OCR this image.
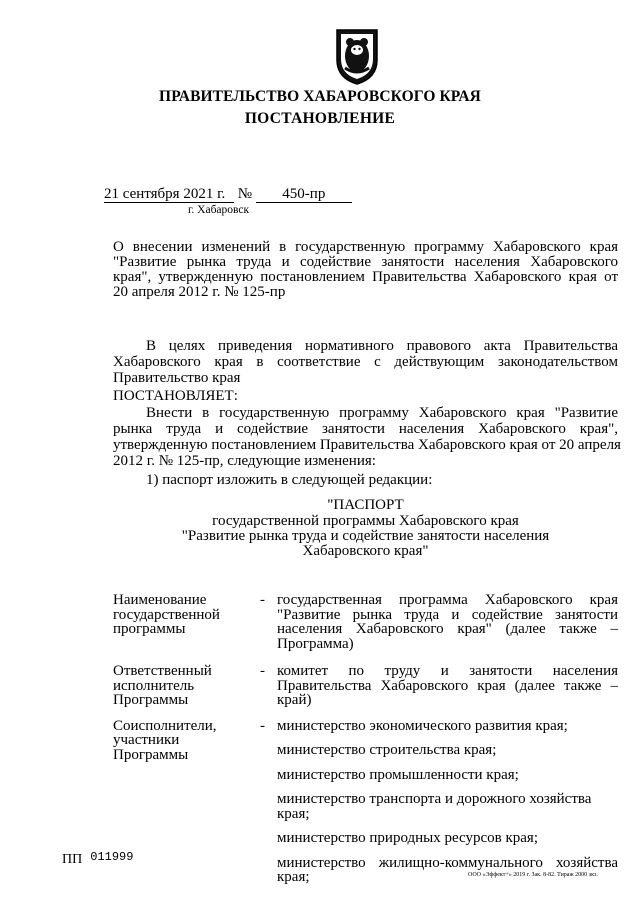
ПРАВИТЕЛЬСТВО ХАБАРОВСКОГО КРАЯ
ПОСТАНОВЛЕНИЕ
21 сентября 2021 г. № 450-пр
г. Хабаровск
О внесении изменений в государственную программу Хабаровского края
"Развитие рынка труда и содействие занятости населения Хабаровского
края", утвержденную постановлением Правительства Хабаровского края от
20 апреля 2012 г. № 125-пр
В целях приведения нормативного правового акта Правительства
Хабаровского края в соответствие с действующим законодательством
Правительство края
ПОСТАНОВЛЯЕТ:
Внести в государственную программу Хабаровского края "Развитие
рынка труда и содействие занятости населения Хабаровского края",
утвержденную постановлением Правительства Хабаровского края от 20 апреля
2012 г. № 125-пр, следующие изменения:
1) паспорт изложить в следующей редакции:
"ПАСПОРТ
государственной программы Хабаровского края
"Развитие рынка труда и содействие занятости населения
Хабаровского края"
Наименование
государственной
программы
- государственная программа Хабаровского края
"Развитие рынка труда и содействие занятости
населения Хабаровского края" (далее также –
Программа)
Ответственный
исполнитель
Программы
- комитет по труду и занятости населения
Правительства Хабаровского края (далее также –
край)
Соисполнители,
участники
Программы
- министерство экономического развития края;
министерство строительства края;
министерство промышленности края;
министерство транспорта и дорожного хозяйства края;
министерство природных ресурсов края;
министерство жилищно-коммунального хозяйства
края;
ПП 011999
ООО «Эффект+» 2019 г. Зак. 8-82. Тираж 2000 экз.
